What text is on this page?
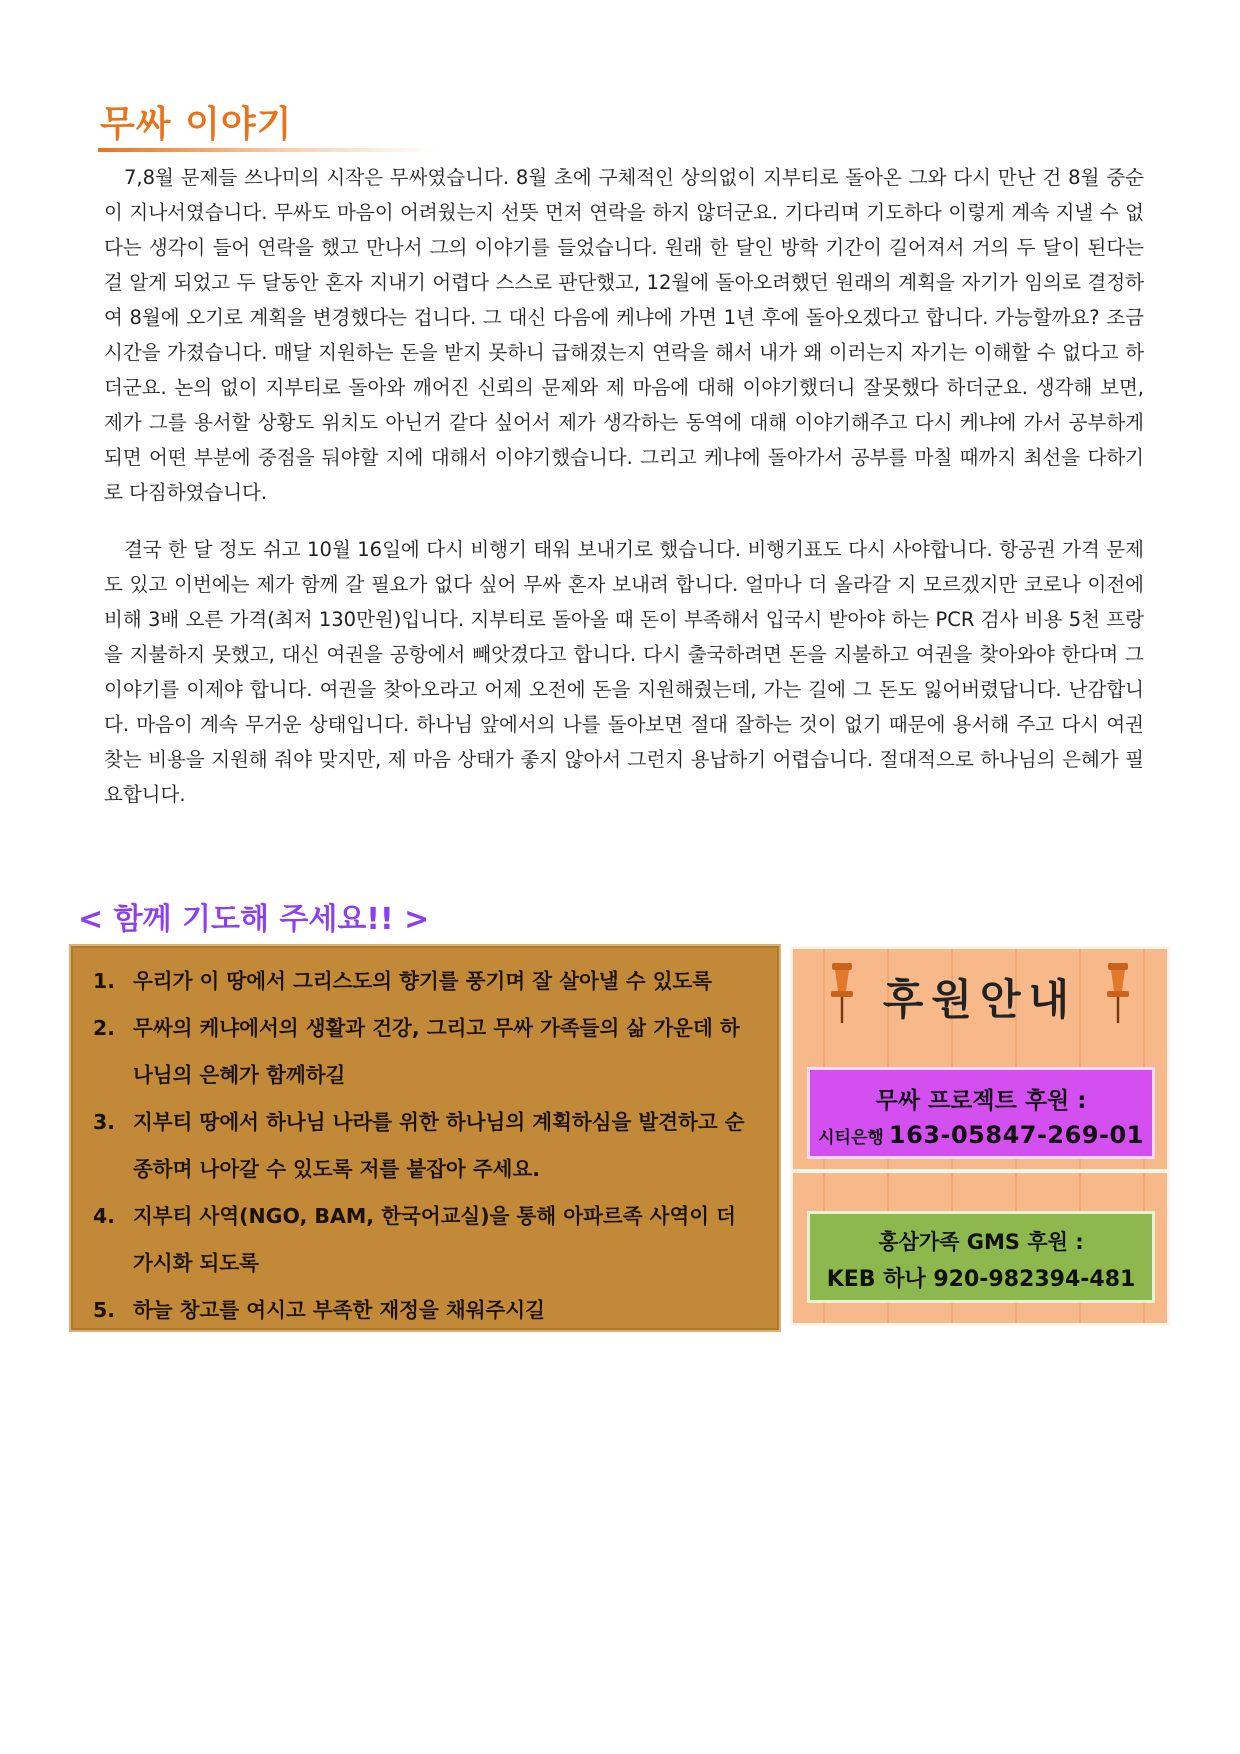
무싸 이야기

7,8월 문제들 쓰나미의 시작은 무싸였습니다. 8월 초에 구체적인 상의없이 지부티로 돌아온 그와 다시 만난 건 8월 중순이 지나서였습니다. 무싸도 마음이 어려웠는지 선뜻 먼저 연락을 하지 않더군요. 기다리며 기도하다 이렇게 계속 지낼 수 없다는 생각이 들어 연락을 했고 만나서 그의 이야기를 들었습니다. 원래 한 달인 방학 기간이 길어져서 거의 두 달이 된다는 걸 알게 되었고 두 달동안 혼자 지내기 어렵다 스스로 판단했고, 12월에 돌아오려했던 원래의 계획을 자기가 임의로 결정하여 8월에 오기로 계획을 변경했다는 겁니다. 그 대신 다음에 케냐에 가면 1년 후에 돌아오겠다고 합니다. 가능할까요? 조금 시간을 가졌습니다. 매달 지원하는 돈을 받지 못하니 급해졌는지 연락을 해서 내가 왜 이러는지 자기는 이해할 수 없다고 하더군요. 논의 없이 지부티로 돌아와 깨어진 신뢰의 문제와 제 마음에 대해 이야기했더니 잘못했다 하더군요. 생각해 보면, 제가 그를 용서할 상황도 위치도 아닌거 같다 싶어서 제가 생각하는 동역에 대해 이야기해주고 다시 케냐에 가서 공부하게 되면 어떤 부분에 중점을 둬야할 지에 대해서 이야기했습니다. 그리고 케냐에 돌아가서 공부를 마칠 때까지 최선을 다하기로 다짐하였습니다.

결국 한 달 정도 쉬고 10월 16일에 다시 비행기 태워 보내기로 했습니다. 비행기표도 다시 사야합니다. 항공권 가격 문제도 있고 이번에는 제가 함께 갈 필요가 없다 싶어 무싸 혼자 보내려 합니다. 얼마나 더 올라갈 지 모르겠지만 코로나 이전에 비해 3배 오른 가격(최저 130만원)입니다. 지부티로 돌아올 때 돈이 부족해서 입국시 받아야 하는 PCR 검사 비용 5천 프랑을 지불하지 못했고, 대신 여권을 공항에서 빼앗겼다고 합니다. 다시 출국하려면 돈을 지불하고 여권을 찾아와야 한다며 그 이야기를 이제야 합니다. 여권을 찾아오라고 어제 오전에 돈을 지원해줬는데, 가는 길에 그 돈도 잃어버렸답니다. 난감합니다. 마음이 계속 무거운 상태입니다. 하나님 앞에서의 나를 돌아보면 절대 잘하는 것이 없기 때문에 용서해 주고 다시 여권 찾는 비용을 지원해 줘야 맞지만, 제 마음 상태가 좋지 않아서 그런지 용납하기 어렵습니다. 절대적으로 하나님의 은혜가 필요합니다.

< 함께 기도해 주세요!! >
1. 우리가 이 땅에서 그리스도의 향기를 풍기며 잘 살아낼 수 있도록
2. 무싸의 케냐에서의 생활과 건강, 그리고 무싸 가족들의 삶 가운데 하나님의 은혜가 함께하길
3. 지부티 땅에서 하나님 나라를 위한 하나님의 계획하심을 발견하고 순종하며 나아갈 수 있도록 저를 붙잡아 주세요.
4. 지부티 사역(NGO, BAM, 한국어교실)을 통해 아파르족 사역이 더 가시화 되도록
5. 하늘 창고를 여시고 부족한 재정을 채워주시길
후원안내
무싸 프로젝트 후원 :
시티은행 163-05847-269-01
홍삼가족 GMS 후원 :
KEB 하나 920-982394-481
